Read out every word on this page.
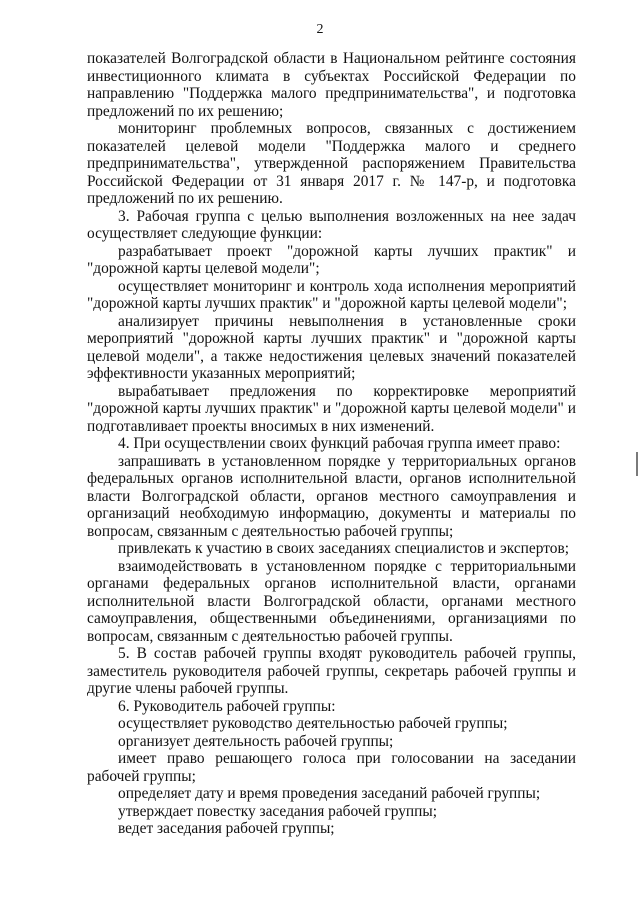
2

показателей Волгоградской области в Национальном рейтинге состояния инвестиционного климата в субъектах Российской Федерации по направлению "Поддержка малого предпринимательства", и подготовка предложений по их решению;

мониторинг проблемных вопросов, связанных с достижением показателей целевой модели "Поддержка малого и среднего предпринимательства", утвержденной распоряжением Правительства Российской Федерации от 31 января 2017 г. № 147-р, и подготовка предложений по их решению.

3. Рабочая группа с целью выполнения возложенных на нее задач осуществляет следующие функции:

разрабатывает проект "дорожной карты лучших практик" и "дорожной карты целевой модели";

осуществляет мониторинг и контроль хода исполнения мероприятий "дорожной карты лучших практик" и "дорожной карты целевой модели";

анализирует причины невыполнения в установленные сроки мероприятий "дорожной карты лучших практик" и "дорожной карты целевой модели", а также недостижения целевых значений показателей эффективности указанных мероприятий;

вырабатывает предложения по корректировке мероприятий "дорожной карты лучших практик" и "дорожной карты целевой модели" и подготавливает проекты вносимых в них изменений.

4. При осуществлении своих функций рабочая группа имеет право:

запрашивать в установленном порядке у территориальных органов федеральных органов исполнительной власти, органов исполнительной власти Волгоградской области, органов местного самоуправления и организаций необходимую информацию, документы и материалы по вопросам, связанным с деятельностью рабочей группы;

привлекать к участию в своих заседаниях специалистов и экспертов;

взаимодействовать в установленном порядке с территориальными органами федеральных органов исполнительной власти, органами исполнительной власти Волгоградской области, органами местного самоуправления, общественными объединениями, организациями по вопросам, связанным с деятельностью рабочей группы.

5. В состав рабочей группы входят руководитель рабочей группы, заместитель руководителя рабочей группы, секретарь рабочей группы и другие члены рабочей группы.

6. Руководитель рабочей группы:

осуществляет руководство деятельностью рабочей группы;

организует деятельность рабочей группы;

имеет право решающего голоса при голосовании на заседании рабочей группы;

определяет дату и время проведения заседаний рабочей группы;

утверждает повестку заседания рабочей группы;

ведет заседания рабочей группы;
